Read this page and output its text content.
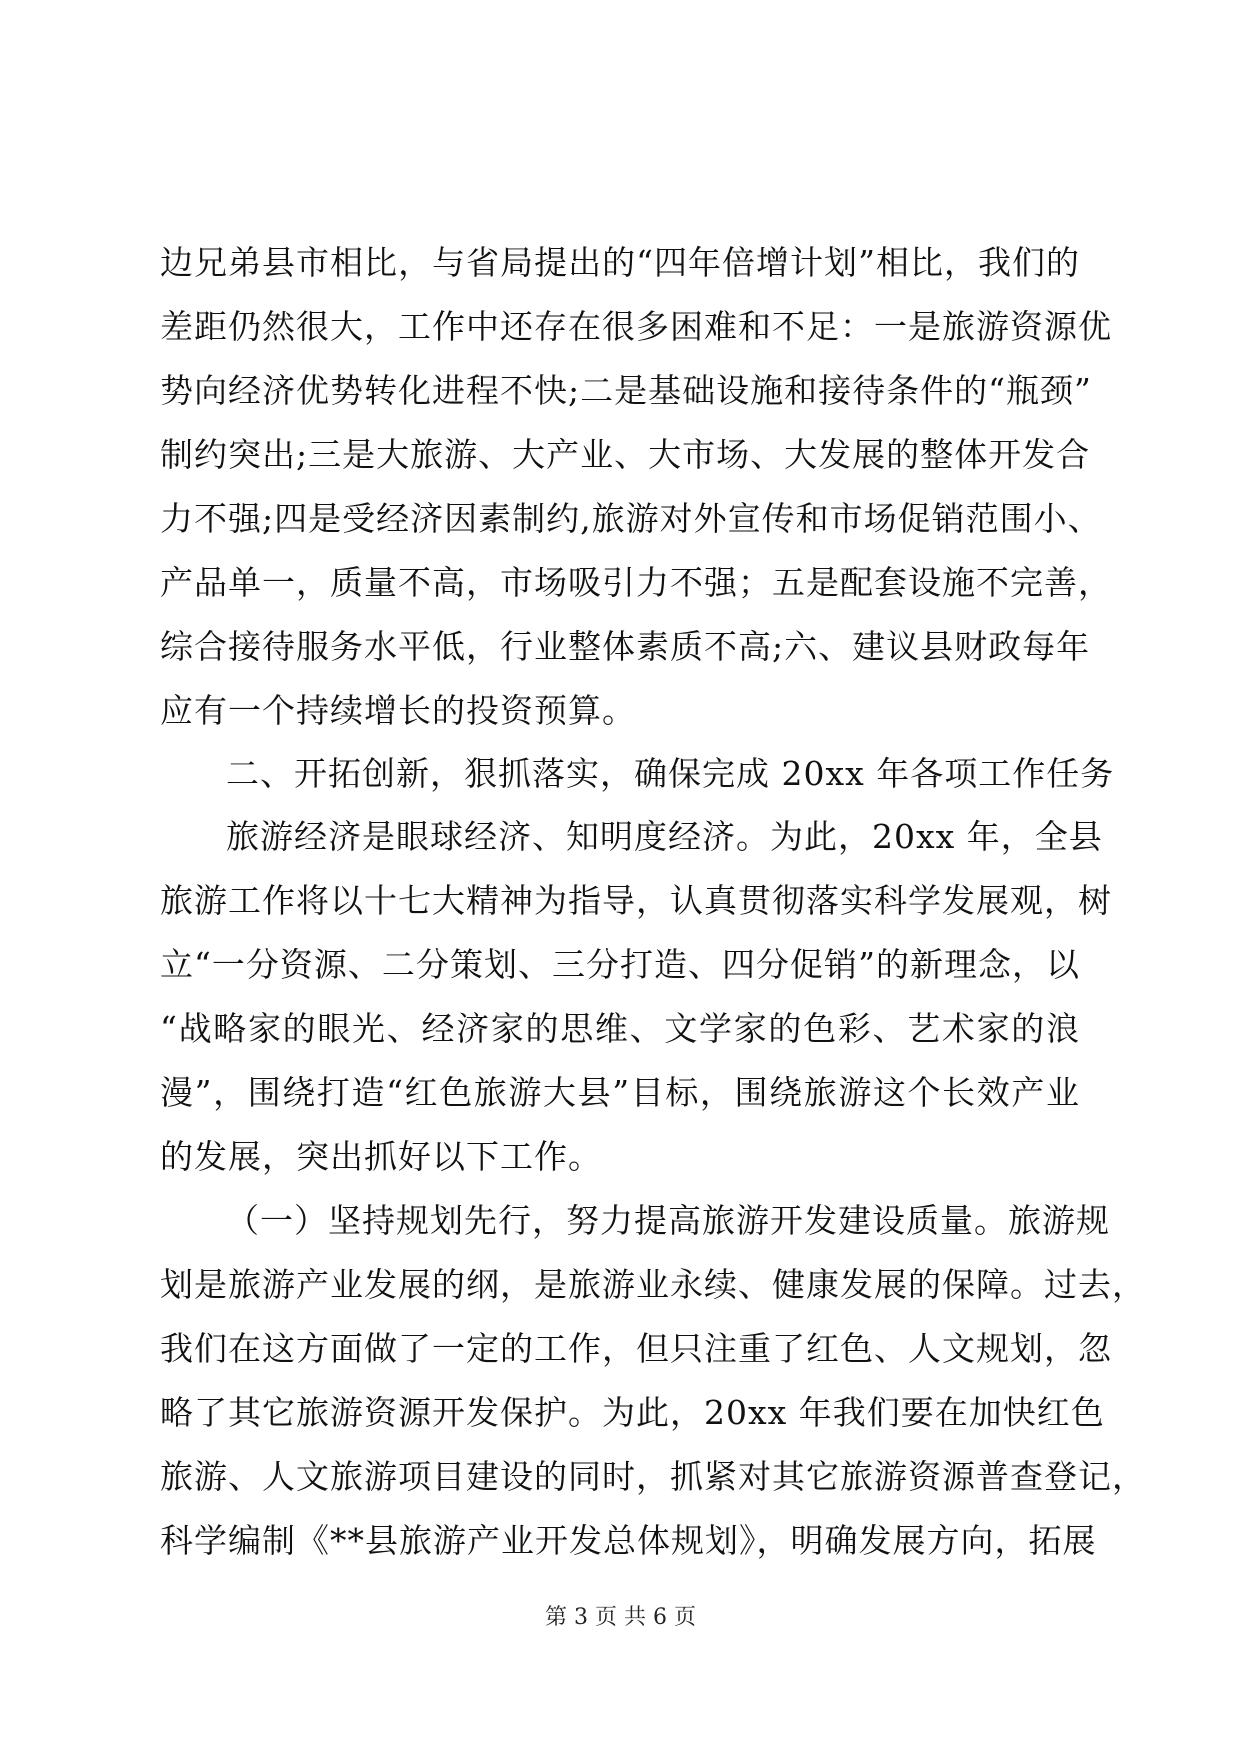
边兄弟县市相比，与省局提出的“四年倍增计划”相比，我们的
差距仍然很大，工作中还存在很多困难和不足：一是旅游资源优
势向经济优势转化进程不快;二是基础设施和接待条件的“瓶颈”
制约突出;三是大旅游、大产业、大市场、大发展的整体开发合
力不强;四是受经济因素制约,旅游对外宣传和市场促销范围小、
产品单一，质量不高，市场吸引力不强；五是配套设施不完善，
综合接待服务水平低，行业整体素质不高;六、建议县财政每年
应有一个持续增长的投资预算。
二、开拓创新，狠抓落实，确保完成 20xx 年各项工作任务
旅游经济是眼球经济、知明度经济。为此，20xx 年，全县
旅游工作将以十七大精神为指导，认真贯彻落实科学发展观，树
立“一分资源、二分策划、三分打造、四分促销”的新理念，以
“战略家的眼光、经济家的思维、文学家的色彩、艺术家的浪
漫”，围绕打造“红色旅游大县”目标，围绕旅游这个长效产业
的发展，突出抓好以下工作。
（一）坚持规划先行，努力提高旅游开发建设质量。旅游规
划是旅游产业发展的纲，是旅游业永续、健康发展的保障。过去，
我们在这方面做了一定的工作，但只注重了红色、人文规划，忽
略了其它旅游资源开发保护。为此，20xx 年我们要在加快红色
旅游、人文旅游项目建设的同时，抓紧对其它旅游资源普查登记，
科学编制《**县旅游产业开发总体规划》，明确发展方向，拓展
第 3 页 共 6 页
